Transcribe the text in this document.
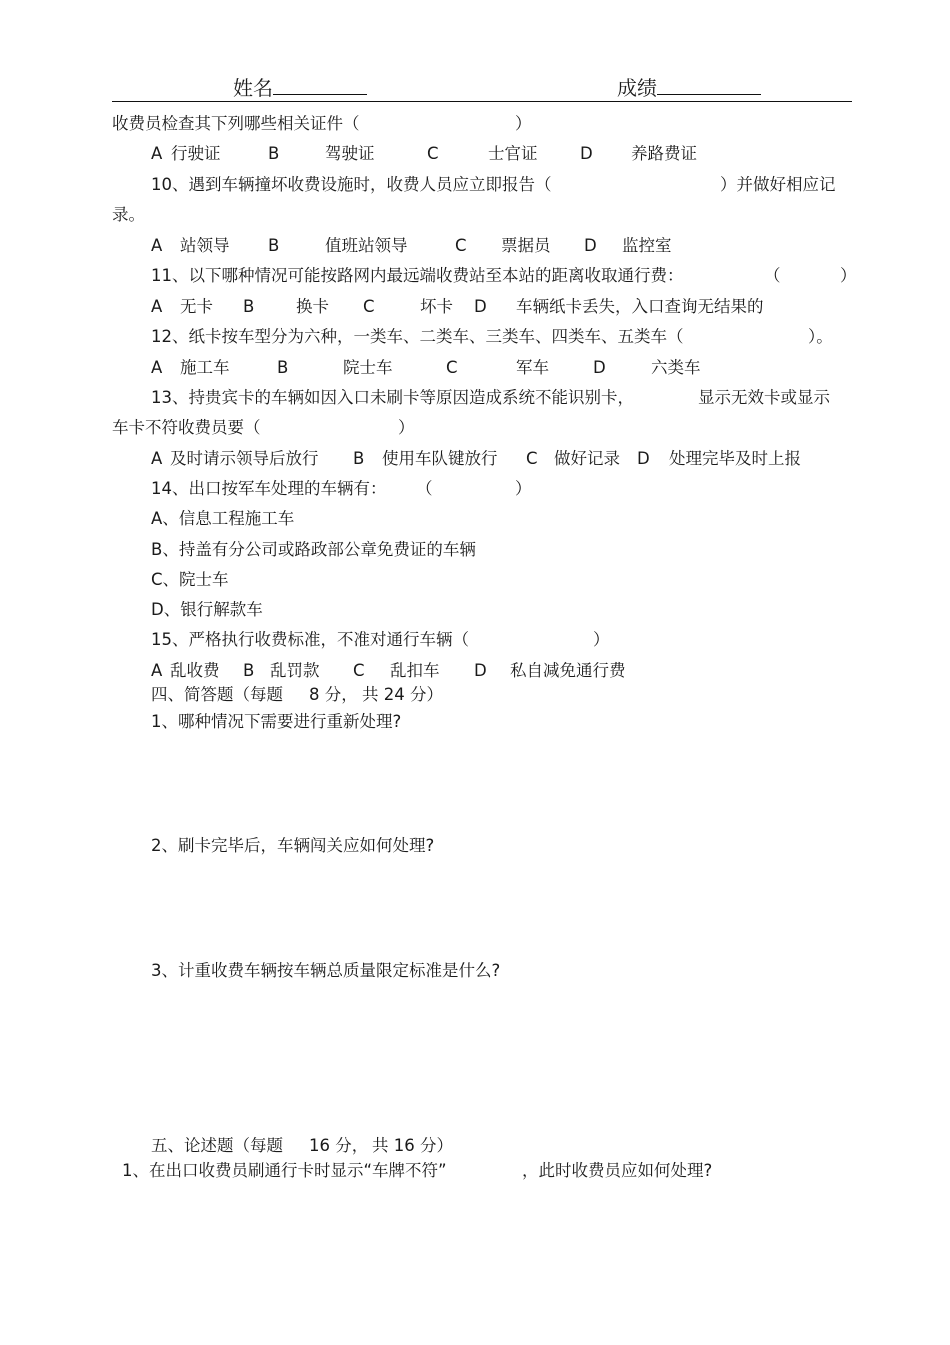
姓名	成绩
收费员检查其下列哪些相关证件（	）
A 行驶证	B	驾驶证	C	士官证	D 养路费证
10、遇到车辆撞坏收费设施时，收费人员应立即报告（	）并做好相应记
录。
A 站领导 B	值班站领导	C 票据员 D 监控室
11、以下哪种情况可能按路网内最远端收费站至本站的距离收取通行费：	（	）
A 无卡 B	换卡 C	坏卡 D 车辆纸卡丢失，入口查询无结果的
12、纸卡按车型分为六种，一类车、二类车、三类车、四类车、五类车（	）。
A 施工车	B	院士车	C	军车	D	六类车
13、持贵宾卡的车辆如因入口未刷卡等原因造成系统不能识别卡，	显示无效卡或显示
车卡不符收费员要（	）
A 及时请示领导后放行 B 使用车队键放行 C 做好记录 D 处理完毕及时上报
14、出口按军车处理的车辆有： （	）
A、信息工程施工车
B、持盖有分公司或路政部公章免费证的车辆
C、院士车
D、银行解款车
15、严格执行收费标准，不准对通行车辆（	）
A 乱收费 B 乱罚款 C 乱扣车 D 私自减免通行费
四、简答题（每题 8 分， 共 24 分）
1、哪种情况下需要进行重新处理?
2、刷卡完毕后，车辆闯关应如何处理?
3、计重收费车辆按车辆总质量限定标准是什么?
五、论述题（每题 16 分， 共 16 分）
1、在出口收费员刷通行卡时显示“车牌不符”	，此时收费员应如何处理?
